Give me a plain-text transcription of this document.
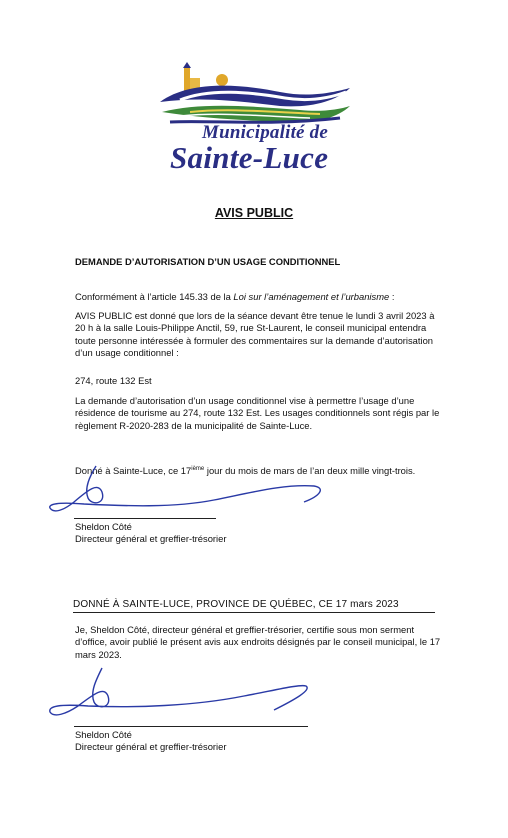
Municipalité de
Sainte-Luce
AVIS PUBLIC
DEMANDE D’AUTORISATION D’UN USAGE CONDITIONNEL
Conformément à l’article 145.33 de la Loi sur l’aménagement et l’urbanisme :
AVIS PUBLIC est donné que lors de la séance devant être tenue le lundi 3 avril 2023 à 20 h à la salle Louis-Philippe Anctil, 59, rue St-Laurent, le conseil municipal entendra toute personne intéressée à formuler des commentaires sur la demande d’autorisation d’un usage conditionnel :
274, route 132 Est
La demande d’autorisation d’un usage conditionnel vise à permettre l’usage d’une résidence de tourisme au 274, route 132 Est. Les usages conditionnels sont régis par le règlement R-2020-283 de la municipalité de Sainte-Luce.
Donné à Sainte-Luce, ce 17ième jour du mois de mars de l’an deux mille vingt-trois.
Sheldon Côté
Directeur général et greffier-trésorier
DONNÉ À SAINTE-LUCE, PROVINCE DE QUÉBEC, CE 17 mars 2023
Je, Sheldon Côté, directeur général et greffier-trésorier, certifie sous mon serment d’office, avoir publié le présent avis aux endroits désignés par le conseil municipal, le 17 mars 2023.
Sheldon Côté
Directeur général et greffier-trésorier
